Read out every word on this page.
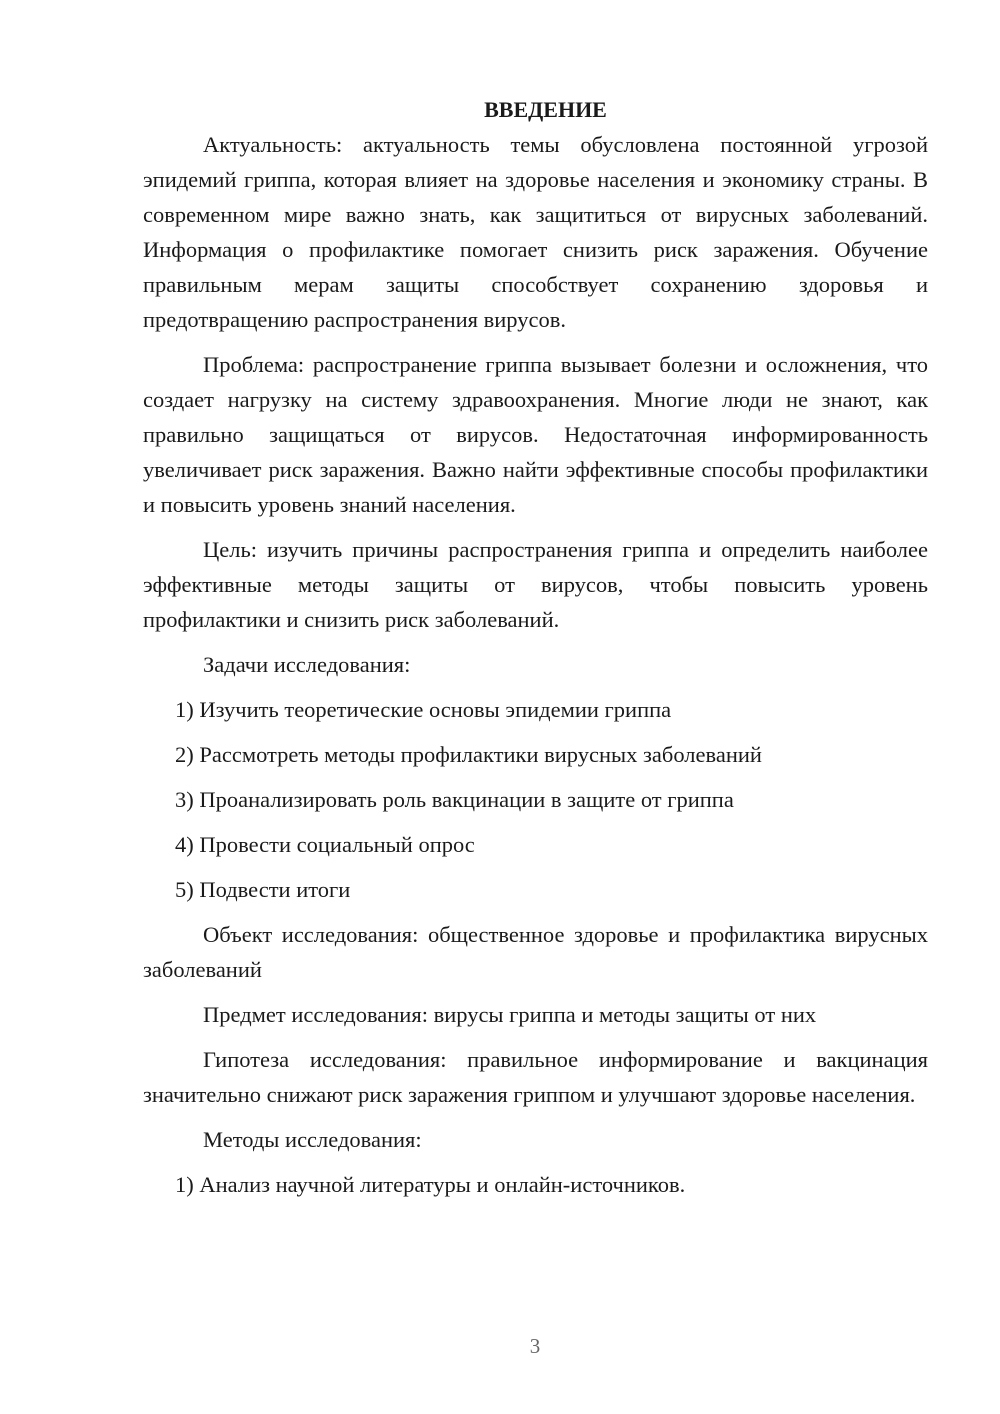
ВВЕДЕНИЕ

Актуальность: актуальность темы обусловлена постоянной угрозой эпидемий гриппа, которая влияет на здоровье населения и экономику страны. В современном мире важно знать, как защититься от вирусных заболеваний. Информация о профилактике помогает снизить риск заражения. Обучение правильным мерам защиты способствует сохранению здоровья и предотвращению распространения вирусов.

Проблема: распространение гриппа вызывает болезни и осложнения, что создает нагрузку на систему здравоохранения. Многие люди не знают, как правильно защищаться от вирусов. Недостаточная информированность увеличивает риск заражения. Важно найти эффективные способы профилактики и повысить уровень знаний населения.

Цель: изучить причины распространения гриппа и определить наиболее эффективные методы защиты от вирусов, чтобы повысить уровень профилактики и снизить риск заболеваний.

Задачи исследования:

1) Изучить теоретические основы эпидемии гриппа
2) Рассмотреть методы профилактики вирусных заболеваний
3) Проанализировать роль вакцинации в защите от гриппа
4) Провести социальный опрос
5) Подвести итоги

Объект исследования: общественное здоровье и профилактика вирусных заболеваний

Предмет исследования: вирусы гриппа и методы защиты от них

Гипотеза исследования: правильное информирование и вакцинация значительно снижают риск заражения гриппом и улучшают здоровье населения.

Методы исследования:

1) Анализ научной литературы и онлайн-источников.
3
